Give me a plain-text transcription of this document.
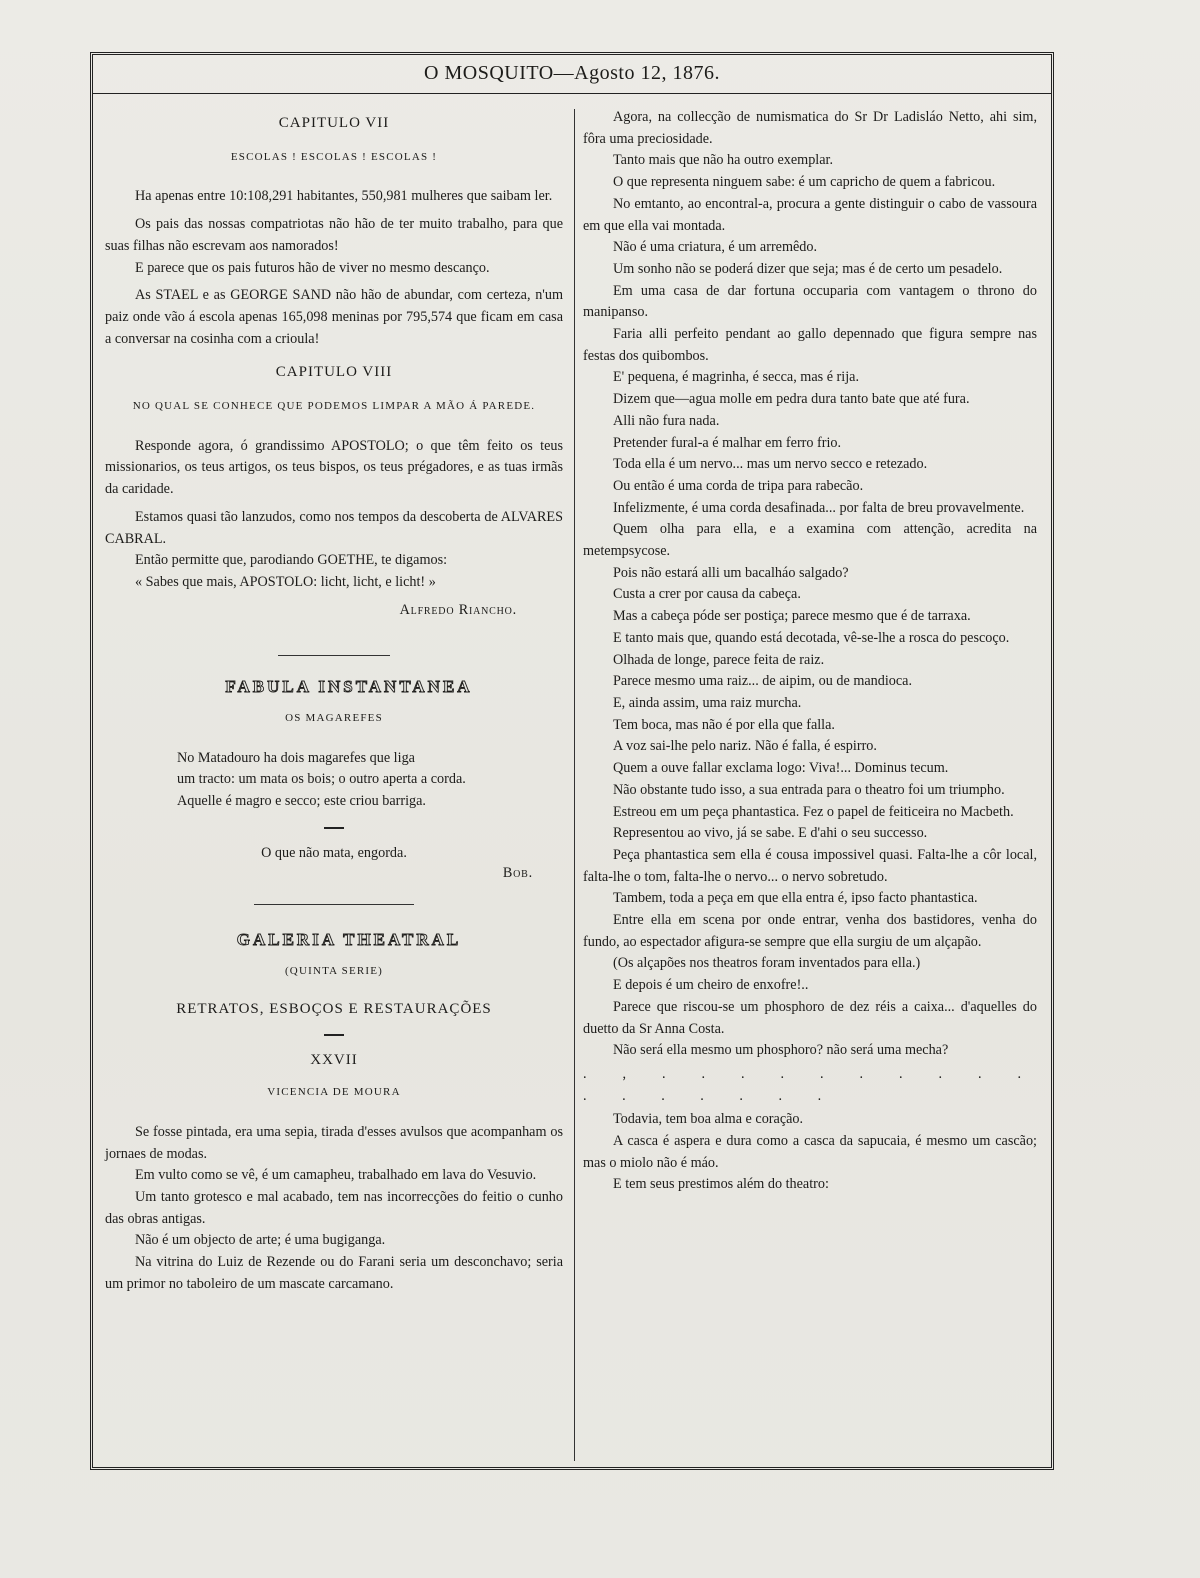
O MOSQUITO—Agosto 12, 1876.

CAPITULO VII

ESCOLAS ! ESCOLAS ! ESCOLAS !

Ha apenas entre 10:108,291 habitantes, 550,981 mulheres que saibam ler.

Os pais das nossas compatriotas não hão de ter muito trabalho, para que suas filhas não escrevam aos namorados!

E parece que os pais futuros hão de viver no mesmo descanço.

As STAEL e as GEORGE SAND não hão de abundar, com certeza, n'um paiz onde vão á escola apenas 165,098 meninas por 795,574 que ficam em casa a conversar na cosinha com a crioula!

CAPITULO VIII

NO QUAL SE CONHECE QUE PODEMOS LIMPAR A MÃO Á PAREDE.

Responde agora, ó grandissimo APOSTOLO; o que têm feito os teus missionarios, os teus artigos, os teus bispos, os teus prégadores, e as tuas irmãs da caridade.

Estamos quasi tão lanzudos, como nos tempos da descoberta de ALVARES CABRAL.

Então permitte que, parodiando GOETHE, te digamos:

« Sabes que mais, APOSTOLO: licht, licht, e licht! »

Alfredo Riancho.

FABULA INSTANTANEA

OS MAGAREFES

No Matadouro ha dois magarefes que liga

um tracto: um mata os bois; o outro aperta a corda.

Aquelle é magro e secco; este criou barriga.

O que não mata, engorda.

Bob.

GALERIA THEATRAL

(QUINTA SERIE)

RETRATOS, ESBOÇOS E RESTAURAÇÕES

XXVII

VICENCIA DE MOURA

Se fosse pintada, era uma sepia, tirada d'esses avulsos que acompanham os jornaes de modas.

Em vulto como se vê, é um camapheu, trabalhado em lava do Vesuvio.

Um tanto grotesco e mal acabado, tem nas incorrecções do feitio o cunho das obras antigas.

Não é um objecto de arte; é uma bugiganga.

Na vitrina do Luiz de Rezende ou do Farani seria um desconchavo; seria um primor no taboleiro de um mascate carcamano.

Agora, na collecção de numismatica do Sr Dr Ladisláo Netto, ahi sim, fôra uma preciosidade.

Tanto mais que não ha outro exemplar.

O que representa ninguem sabe: é um capricho de quem a fabricou.

No emtanto, ao encontral-a, procura a gente distinguir o cabo de vassoura em que ella vai montada.

Não é uma criatura, é um arremêdo.

Um sonho não se poderá dizer que seja; mas é de certo um pesadelo.

Em uma casa de dar fortuna occuparia com vantagem o throno do manipanso.

Faria alli perfeito pendant ao gallo depennado que figura sempre nas festas dos quibombos.

E' pequena, é magrinha, é secca, mas é rija.

Dizem que—agua molle em pedra dura tanto bate que até fura.

Alli não fura nada.

Pretender fural-a é malhar em ferro frio.

Toda ella é um nervo... mas um nervo secco e retezado.

Ou então é uma corda de tripa para rabecão.

Infelizmente, é uma corda desafinada... por falta de breu provavelmente.

Quem olha para ella, e a examina com attenção, acredita na metempsycose.

Pois não estará alli um bacalháo salgado?

Custa a crer por causa da cabeça.

Mas a cabeça póde ser postiça; parece mesmo que é de tarraxa.

E tanto mais que, quando está decotada, vê-se-lhe a rosca do pescoço.

Olhada de longe, parece feita de raiz.

Parece mesmo uma raiz... de aipim, ou de mandioca.

E, ainda assim, uma raiz murcha.

Tem boca, mas não é por ella que falla.

A voz sai-lhe pelo nariz. Não é falla, é espirro.

Quem a ouve fallar exclama logo: Viva!... Dominus tecum.

Não obstante tudo isso, a sua entrada para o theatro foi um triumpho.

Estreou em um peça phantastica. Fez o papel de feiticeira no Macbeth.

Representou ao vivo, já se sabe. E d'ahi o seu successo.

Peça phantastica sem ella é cousa impossivel quasi. Falta-lhe a côr local, falta-lhe o tom, falta-lhe o nervo... o nervo sobretudo.

Tambem, toda a peça em que ella entra é, ipso facto phantastica.

Entre ella em scena por onde entrar, venha dos bastidores, venha do fundo, ao espectador afigura-se sempre que ella surgiu de um alçapão.

(Os alçapões nos theatros foram inventados para ella.)

E depois é um cheiro de enxofre!..

Parece que riscou-se um phosphoro de dez réis a caixa... d'aquelles do duetto da Sr Anna Costa.

Não será ella mesmo um phosphoro? não será uma mecha?

. , . . . . . . . . . . . . . . . . .

Todavia, tem boa alma e coração.

A casca é aspera e dura como a casca da sapucaia, é mesmo um cascão; mas o miolo não é máo.

E tem seus prestimos além do theatro:
